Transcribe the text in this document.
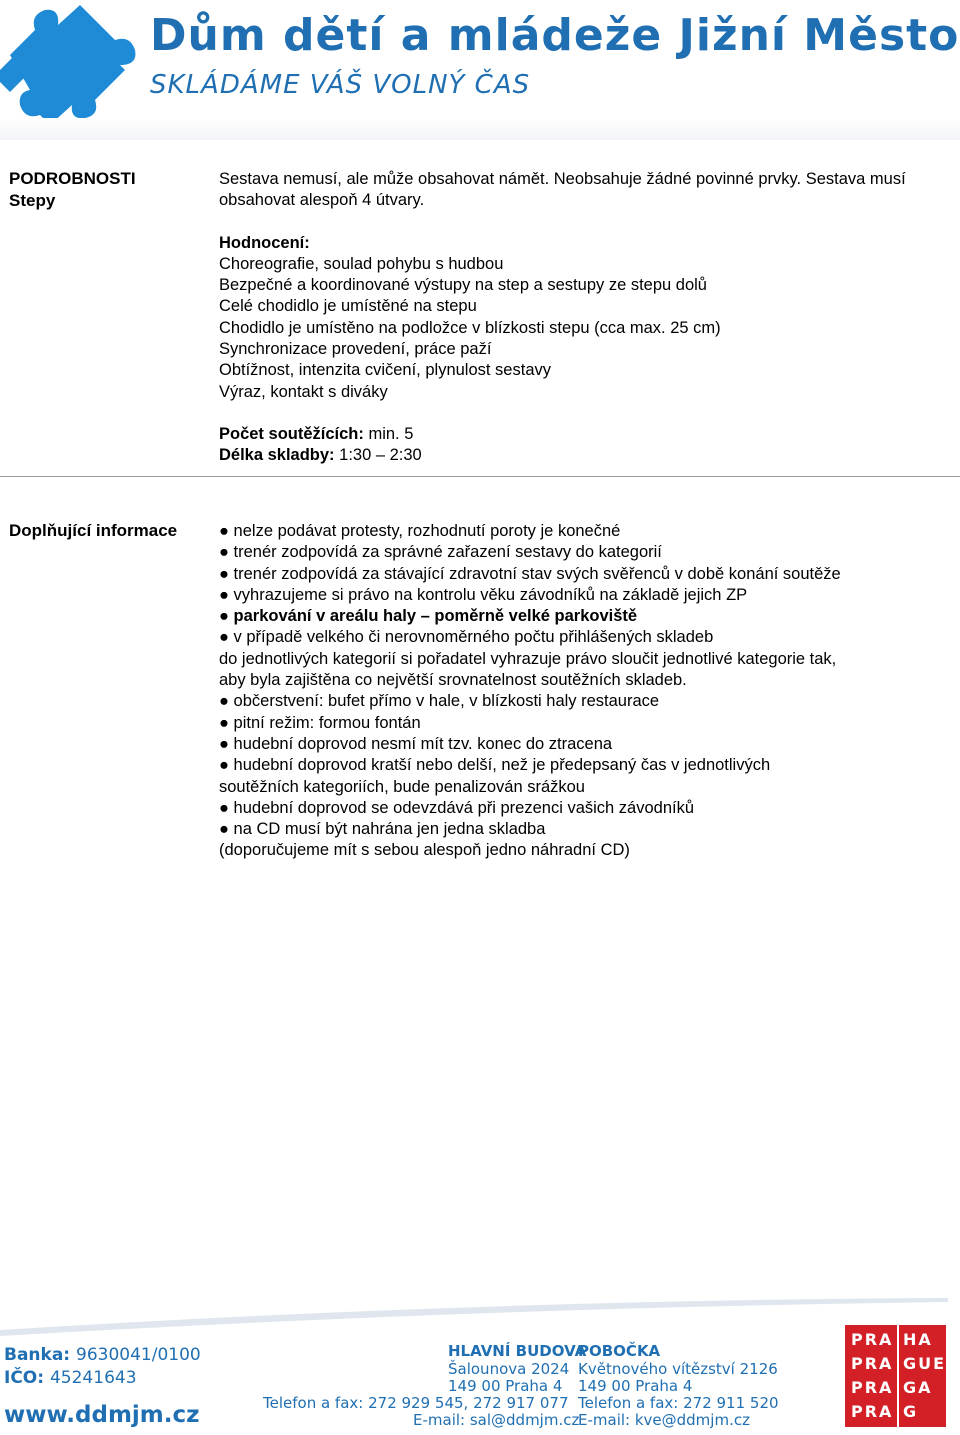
Dům dětí a mládeže Jižní Město
SKLÁDÁME VÁŠ VOLNÝ ČAS
PODROBNOSTI
Stepy

Sestava nemusí, ale může obsahovat námět. Neobsahuje žádné povinné prvky. Sestava musí obsahovat alespoň 4 útvary.

Hodnocení:

Choreografie, soulad pohybu s hudbou

Bezpečné a koordinované výstupy na step a sestupy ze stepu dolů

Celé chodidlo je umístěné na stepu

Chodidlo je umístěno na podložce v blízkosti stepu (cca max. 25 cm)

Synchronizace provedení, práce paží

Obtížnost, intenzita cvičení, plynulost sestavy

Výraz, kontakt s diváky

Počet soutěžících: min. 5

Délka skladby: 1:30 – 2:30

Doplňující informace	● nelze podávat protesty, rozhodnutí poroty je konečné

● trenér zodpovídá za správné zařazení sestavy do kategorií

● trenér zodpovídá za stávající zdravotní stav svých svěřenců v době konání soutěže

● vyhrazujeme si právo na kontrolu věku závodníků na základě jejich ZP

● parkování v areálu haly – poměrně velké parkoviště

● v případě velkého či nerovnoměrného počtu přihlášených skladeb

do jednotlivých kategorií si pořadatel vyhrazuje právo sloučit jednotlivé kategorie tak,

aby byla zajištěna co největší srovnatelnost soutěžních skladeb.

● občerstvení: bufet přímo v hale, v blízkosti haly restaurace

● pitní režim: formou fontán

● hudební doprovod nesmí mít tzv. konec do ztracena

● hudební doprovod kratší nebo delší, než je předepsaný čas v jednotlivých

soutěžních kategoriích, bude penalizován srážkou

● hudební doprovod se odevzdává při prezenci vašich závodníků

● na CD musí být nahrána jen jedna skladba

(doporučujeme mít s sebou alespoň jedno náhradní CD)

Banka: 9630041/0100
IČO: 45241643
www.ddmjm.cz
HLAVNÍ BUDOVA
Šalounova 2024
149 00 Praha 4
Telefon a fax: 272 929 545, 272 917 077
E-mail: sal@ddmjm.cz
POBOČKA
Květnového vítězství 2126
149 00 Praha 4
Telefon a fax: 272 911 520
E-mail: kve@ddmjm.cz
PRA HA
PRA GUE
PRA GA
PRA G
